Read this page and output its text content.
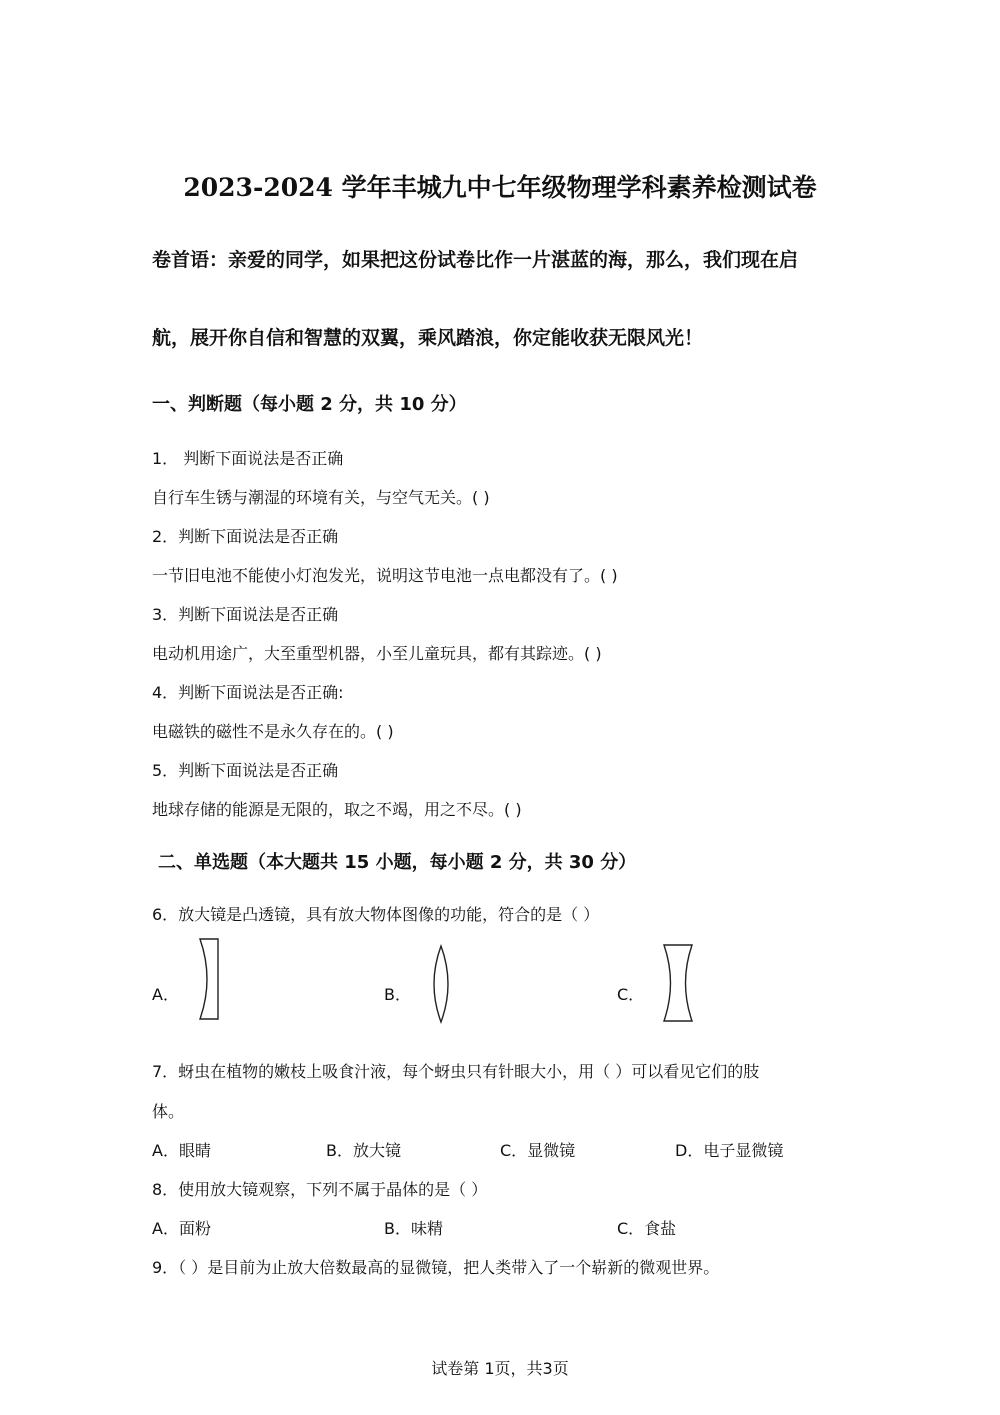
2023-2024 学年丰城九中七年级物理学科素养检测试卷
卷首语：亲爱的同学，如果把这份试卷比作一片湛蓝的海，那么，我们现在启
航，展开你自信和智慧的双翼，乘风踏浪，你定能收获无限风光！
一、判断题（每小题 2 分，共 10 分）
1． 判断下面说法是否正确
自行车生锈与潮湿的环境有关，与空气无关。( )
2．判断下面说法是否正确
一节旧电池不能使小灯泡发光，说明这节电池一点电都没有了。( )
3．判断下面说法是否正确
电动机用途广，大至重型机器，小至儿童玩具，都有其踪迹。( )
4．判断下面说法是否正确:
电磁铁的磁性不是永久存在的。( )
5．判断下面说法是否正确
地球存储的能源是无限的，取之不竭，用之不尽。( )
二、单选题（本大题共 15 小题，每小题 2 分，共 30 分）
6．放大镜是凸透镜，具有放大物体图像的功能，符合的是（ ）
A．	B．	C．
7．蚜虫在植物的嫩枝上吸食汁液，每个蚜虫只有针眼大小，用（ ）可以看见它们的肢
体。
A．眼睛	B．放大镜	C．显微镜	D．电子显微镜
8．使用放大镜观察，下列不属于晶体的是（ ）
A．面粉	B．味精	C．食盐
9．（ ）是目前为止放大倍数最高的显微镜，把人类带入了一个崭新的微观世界。
试卷第 1页，共3页
